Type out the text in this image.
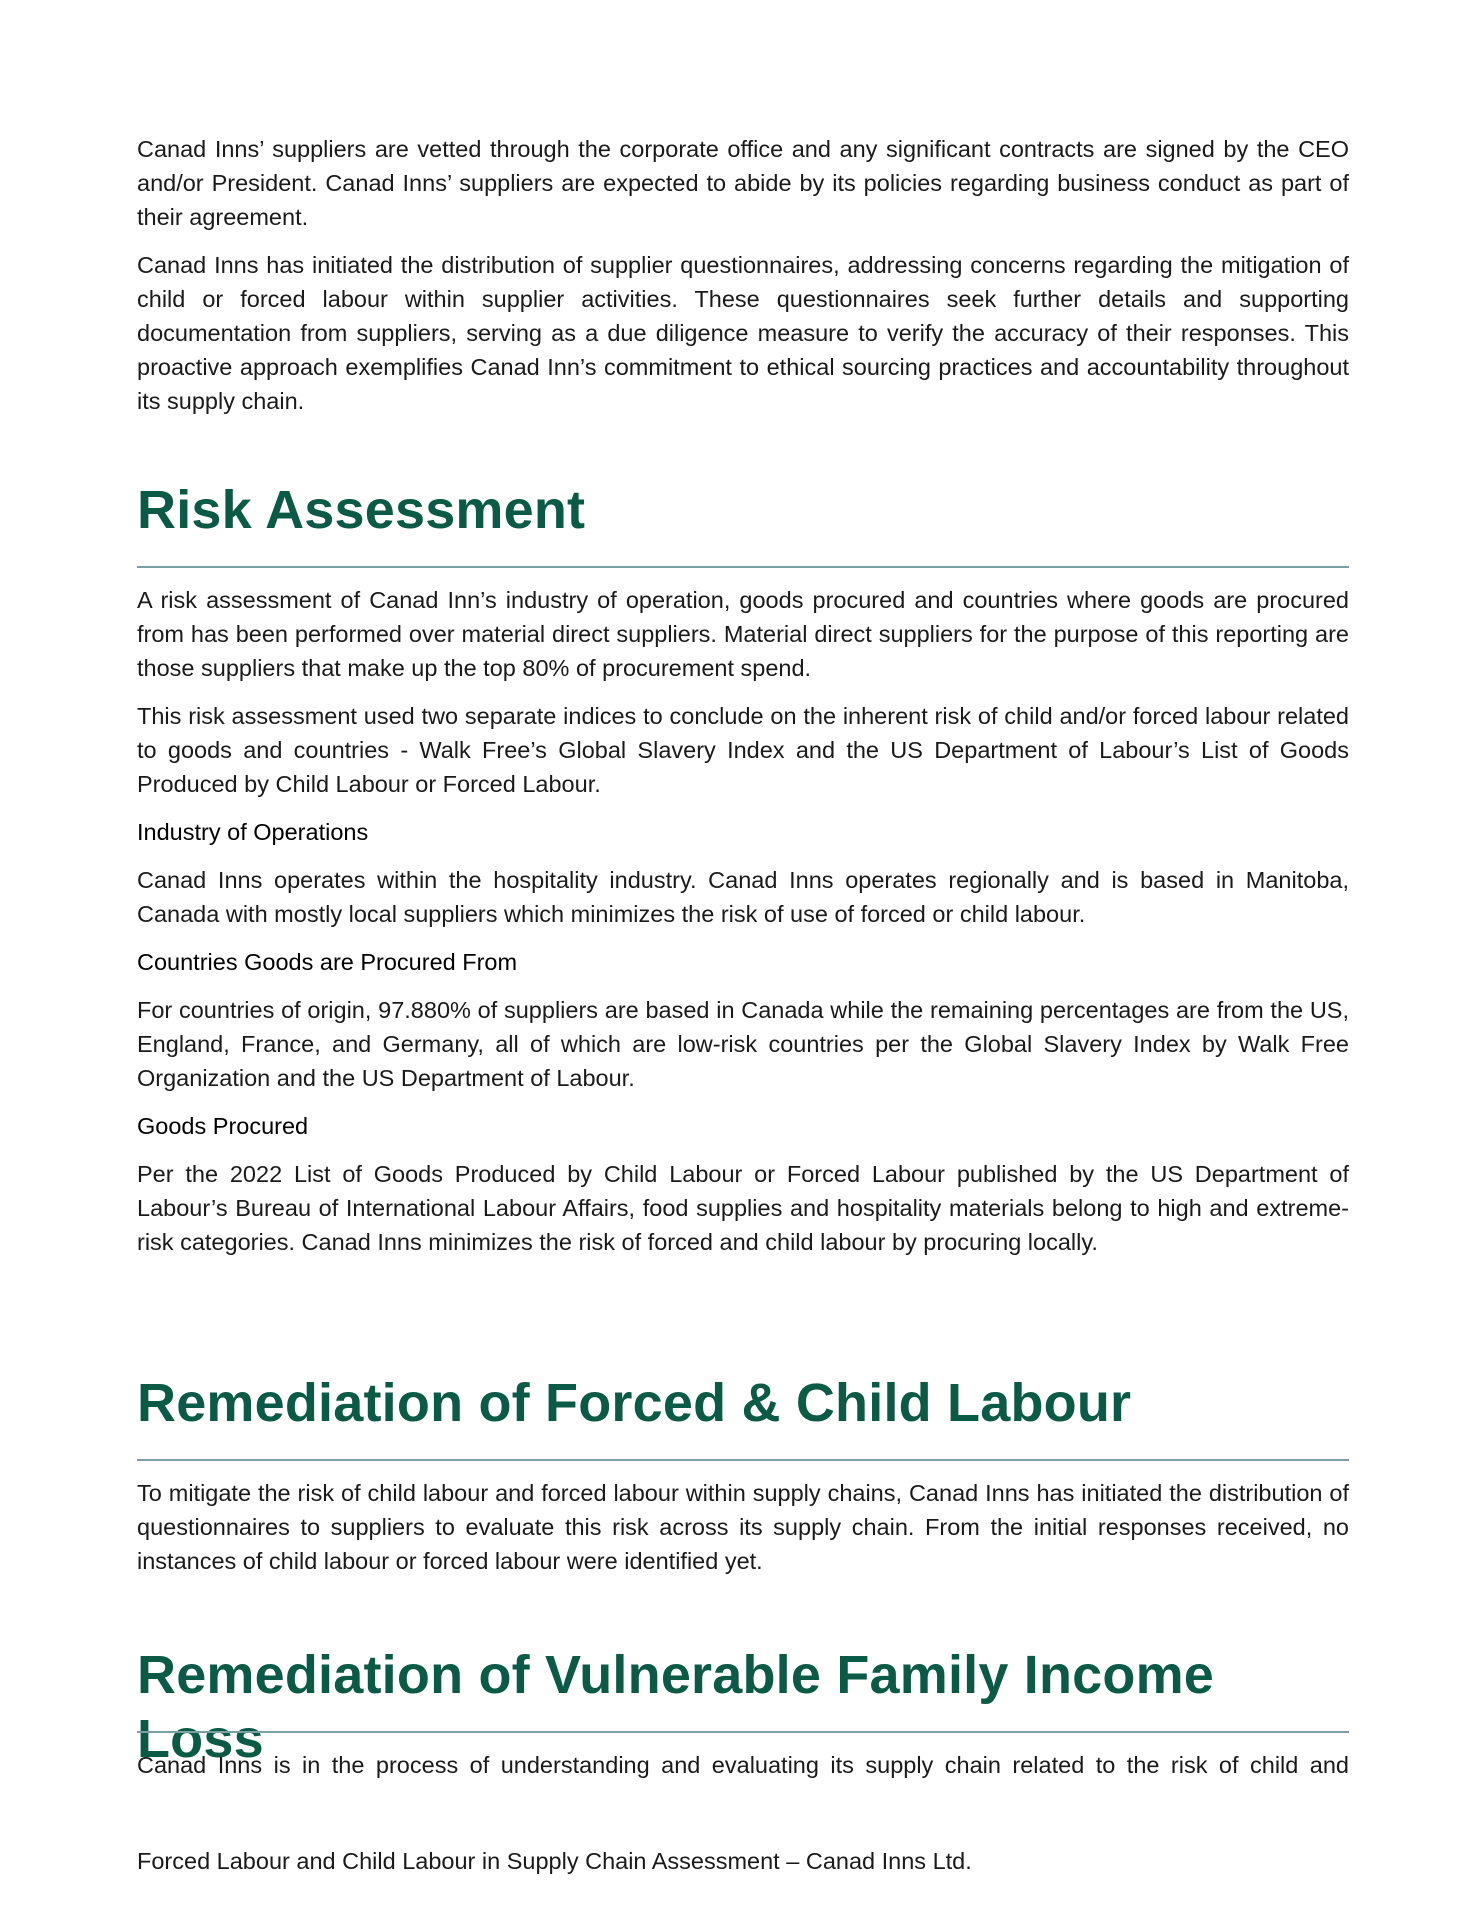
Canad Inns’ suppliers are vetted through the corporate office and any significant contracts are signed by the CEO and/or President. Canad Inns’ suppliers are expected to abide by its policies regarding business conduct as part of their agreement.

Canad Inns has initiated the distribution of supplier questionnaires, addressing concerns regarding the mitigation of child or forced labour within supplier activities. These questionnaires seek further details and supporting documentation from suppliers, serving as a due diligence measure to verify the accuracy of their responses. This proactive approach exemplifies Canad Inn’s commitment to ethical sourcing practices and accountability throughout its supply chain.

Risk Assessment

A risk assessment of Canad Inn’s industry of operation, goods procured and countries where goods are procured from has been performed over material direct suppliers. Material direct suppliers for the purpose of this reporting are those suppliers that make up the top 80% of procurement spend.

This risk assessment used two separate indices to conclude on the inherent risk of child and/or forced labour related to goods and countries - Walk Free’s Global Slavery Index and the US Department of Labour’s List of Goods Produced by Child Labour or Forced Labour.

Industry of Operations

Canad Inns operates within the hospitality industry. Canad Inns operates regionally and is based in Manitoba, Canada with mostly local suppliers which minimizes the risk of use of forced or child labour.

Countries Goods are Procured From

For countries of origin, 97.880% of suppliers are based in Canada while the remaining percentages are from the US, England, France, and Germany, all of which are low-risk countries per the Global Slavery Index by Walk Free Organization and the US Department of Labour.

Goods Procured

Per the 2022 List of Goods Produced by Child Labour or Forced Labour published by the US Department of Labour’s Bureau of International Labour Affairs, food supplies and hospitality materials belong to high and extreme-risk categories. Canad Inns minimizes the risk of forced and child labour by procuring locally.

Remediation of Forced & Child Labour

To mitigate the risk of child labour and forced labour within supply chains, Canad Inns has initiated the distribution of questionnaires to suppliers to evaluate this risk across its supply chain. From the initial responses received, no instances of child labour or forced labour were identified yet.

Remediation of Vulnerable Family Income Loss

Canad Inns is in the process of understanding and evaluating its supply chain related to the risk of child and

Forced Labour and Child Labour in Supply Chain Assessment – Canad Inns Ltd.
